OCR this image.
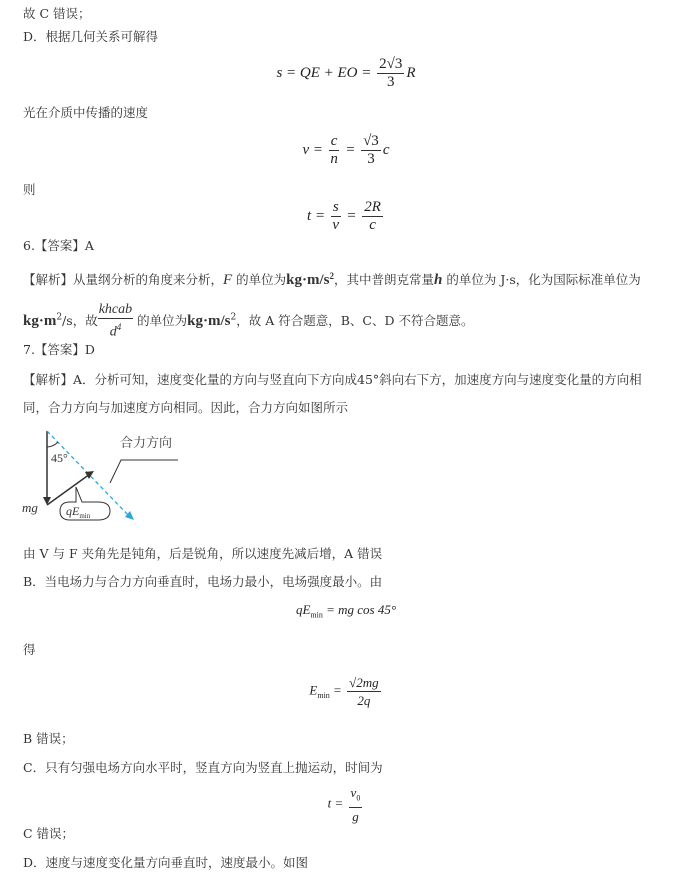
故 C 错误；
D．根据几何关系可解得
s = QE + EO = $\frac{2√3}{3}$ R
光在介质中传播的速度
$v = \frac{c}{n} = \frac{√3}{3}$ c
则
$t = \frac{s}{v} = \frac{2R}{c}$
6.【答案】A
【解析】从量纲分析的角度来分析，F 的单位为$kg\cdot m/s^2$，其中普朗克常量h 的单位为 J·s，化为国际标准单位为
$kg\cdot m^2/s$，故 $\frac{\text{khcab}}{d^4}$ 的单位为$kg\cdot m/s^2$，故 A 符合题意，B、C、D 不符合题意。
7.【答案】D
【解析】A．分析可知，速度变化量的方向与竖直向下方向成45°斜向右下方，加速度方向与速度变化量的方向相
同，合力方向与加速度方向相同。因此，合力方向如图所示
45°
合力方向
mg $qE_{min}$
由 V 与 F 夹角先是钝角，后是锐角，所以速度先减后增，A 错误
B．当电场力与合力方向垂直时，电场力最小，电场强度最小。由
$qE_{min}$ = mg cos 45°
得
$E_{min} = \frac{√2mg}{2q}$
B 错误；
C．只有匀强电场方向水平时，竖直方向为竖直上抛运动，时间为
$t = \frac{v_0}{g}$
C 错误；
D．速度与速度变化量方向垂直时，速度最小。如图
